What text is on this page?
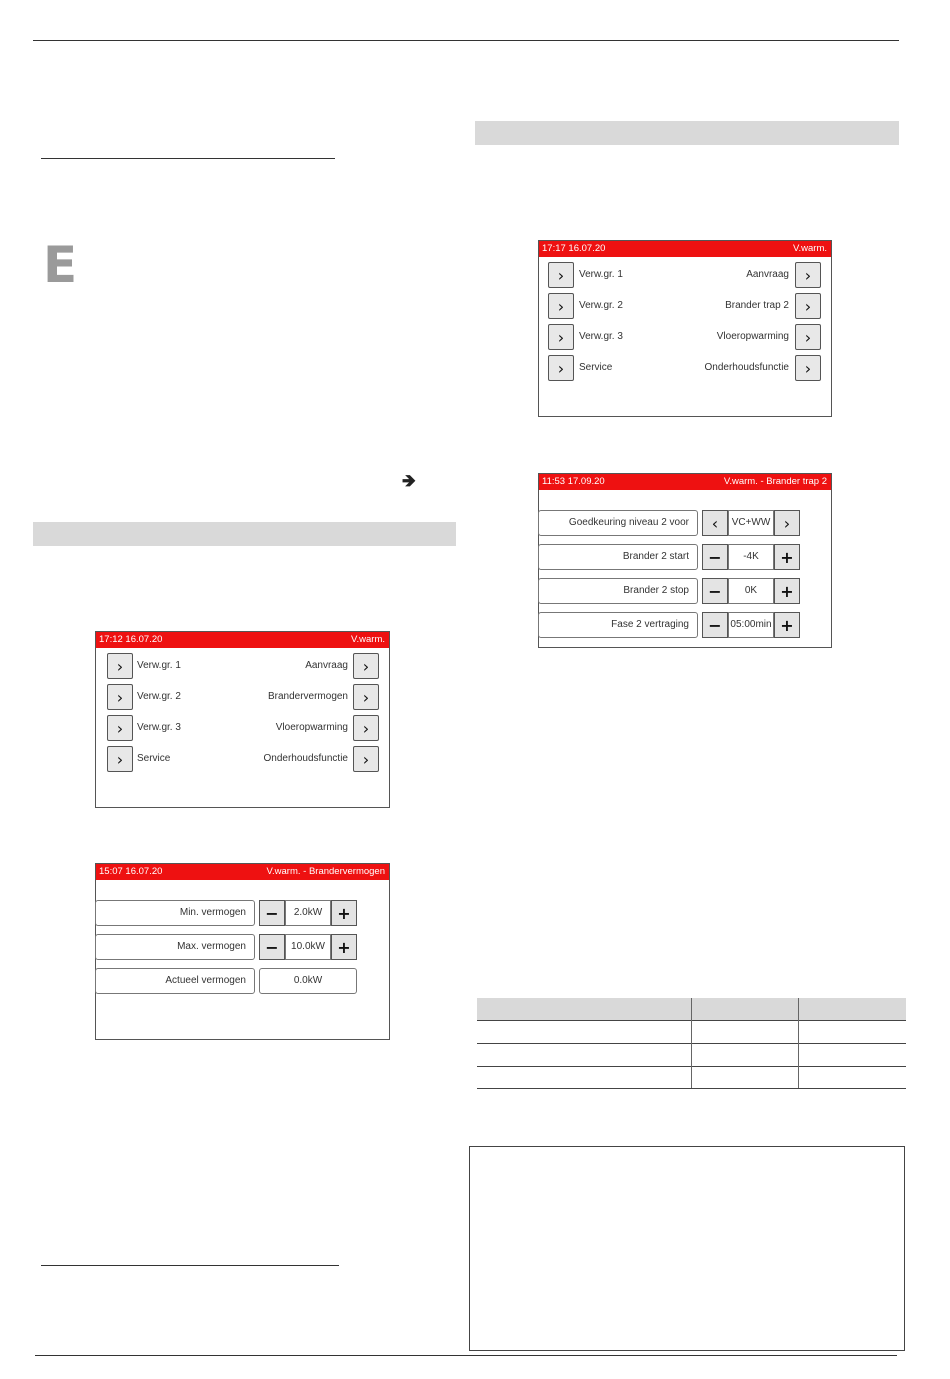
E
🡺
17:12 16.07.20	V.warm.
› Verw.gr. 1	Aanvraag ›
› Verw.gr. 2	Brandervermogen ›
› Verw.gr. 3	Vloeropwarming ›
› Service	Onderhoudsfunctie ›
15:07 16.07.20	V.warm. - Brandervermogen
Min. vermogen	−	2.0kW +
Max. vermogen	−	10.0kW +
Actueel vermogen	0.0kW
17:17 16.07.20	V.warm.
› Verw.gr. 1	Aanvraag ›
› Verw.gr. 2	Brander trap 2 ›
› Verw.gr. 3	Vloeropwarming ›
› Service	Onderhoudsfunctie ›
11:53 17.09.20	V.warm. - Brander trap 2
Goedkeuring niveau 2 voor	‹	VC+WW ›
Brander 2 start	−	-4K	+
Brander 2 stop	−	0K	+
Fase 2 vertraging	− 05:00min +
